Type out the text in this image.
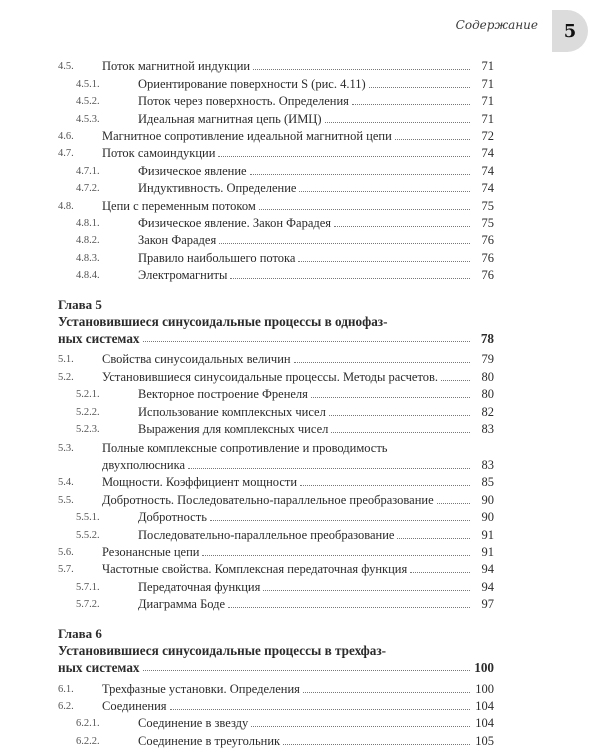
Содержание	5
4.5.	Поток магнитной индукции	71
4.5.1.	Ориентирование поверхности S (рис. 4.11)	71
4.5.2.	Поток через поверхность. Определения	71
4.5.3.	Идеальная магнитная цепь (ИМЦ)	71
4.6.	Магнитное сопротивление идеальной магнитной цепи	72
4.7.	Поток самоиндукции	74
4.7.1.	Физическое явление	74
4.7.2.	Индуктивность. Определение	74
4.8.	Цепи с переменным потоком	75
4.8.1.	Физическое явление. Закон Фарадея	75
4.8.2.	Закон Фарадея	76
4.8.3.	Правило наибольшего потока	76
4.8.4.	Электромагниты	76
Глава 5
Установившиеся синусоидальные процессы в однофаз-
ных системах	78
5.1.	Свойства синусоидальных величин	79
5.2.	Установившиеся синусоидальные процессы. Методы расчетов.	80
5.2.1.	Векторное построение Френеля	80
5.2.2.	Использование комплексных чисел	82
5.2.3.	Выражения для комплексных чисел	83
5.3.	Полные комплексные сопротивление и проводимость
двухполюсника	83
5.4.	Мощности. Коэффициент мощности	85
5.5.	Добротность. Последовательно-параллельное преобразование	90
5.5.1.	Добротность	90
5.5.2.	Последовательно-параллельное преобразование	91
5.6.	Резонансные цепи	91
5.7.	Частотные свойства. Комплексная передаточная функция	94
5.7.1.	Передаточная функция	94
5.7.2.	Диаграмма Боде	97
Глава 6
Установившиеся синусоидальные процессы в трехфаз-
ных системах	100
6.1.	Трехфазные установки. Определения	100
6.2.	Соединения	104
6.2.1.	Соединение в звезду	104
6.2.2.	Соединение в треугольник	105
